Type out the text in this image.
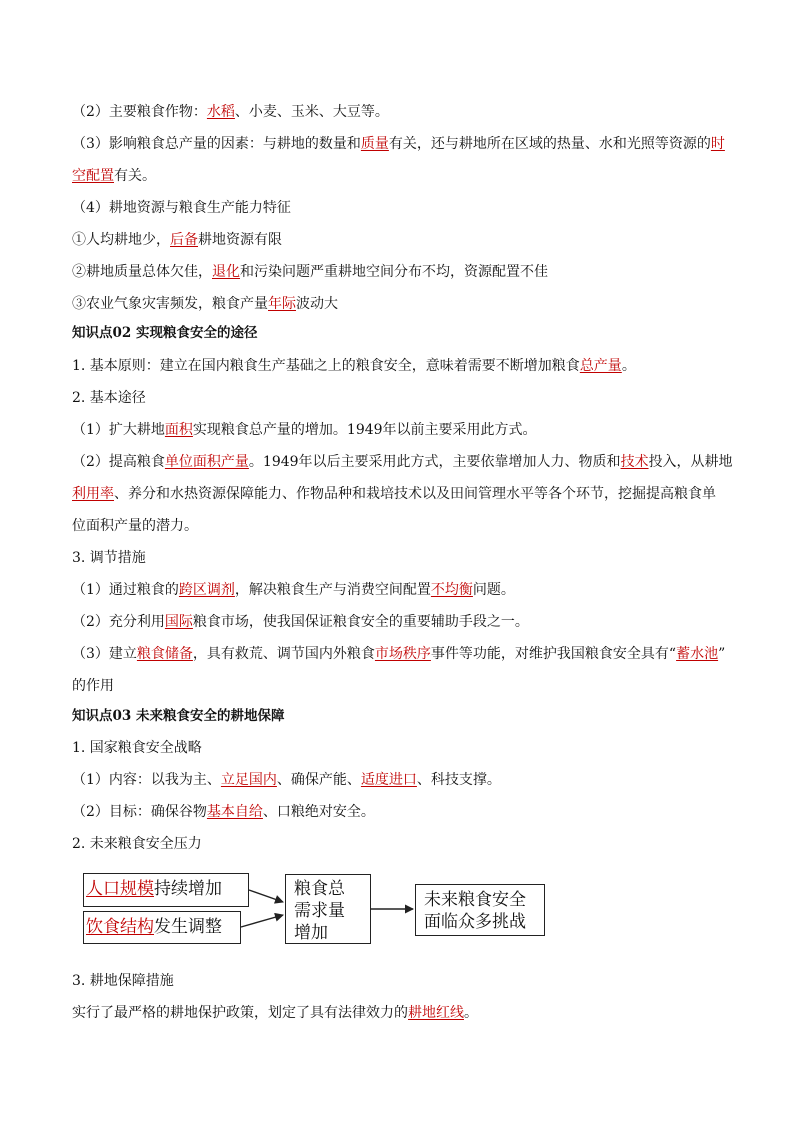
（2）主要粮食作物：水稻、小麦、玉米、大豆等。
（3）影响粮食总产量的因素：与耕地的数量和质量有关，还与耕地所在区域的热量、水和光照等资源的时
空配置有关。
（4）耕地资源与粮食生产能力特征
①人均耕地少，后备耕地资源有限
②耕地质量总体欠佳，退化和污染问题严重耕地空间分布不均，资源配置不佳
③农业气象灾害频发，粮食产量年际波动大
知识点02 实现粮食安全的途径
1. 基本原则：建立在国内粮食生产基础之上的粮食安全，意味着需要不断增加粮食总产量。
2. 基本途径
（1）扩大耕地面积实现粮食总产量的增加。1949年以前主要采用此方式。
（2）提高粮食单位面积产量。1949年以后主要采用此方式，主要依靠增加人力、物质和技术投入，从耕地
利用率、养分和水热资源保障能力、作物品种和栽培技术以及田间管理水平等各个环节，挖掘提高粮食单
位面积产量的潜力。
3. 调节措施
（1）通过粮食的跨区调剂，解决粮食生产与消费空间配置不均衡问题。
（2）充分利用国际粮食市场，使我国保证粮食安全的重要辅助手段之一。
（3）建立粮食储备，具有救荒、调节国内外粮食市场秩序事件等功能，对维护我国粮食安全具有“蓄水池”
的作用
知识点03 未来粮食安全的耕地保障
1. 国家粮食安全战略
（1）内容：以我为主、立足国内、确保产能、适度进口、科技支撑。
（2）目标：确保谷物基本自给、口粮绝对安全。
2. 未来粮食安全压力
人口规模持续增加
饮食结构发生调整
粮食总
需求量
增加
未来粮食安全
面临众多挑战
3. 耕地保障措施
实行了最严格的耕地保护政策，划定了具有法律效力的耕地红线。
